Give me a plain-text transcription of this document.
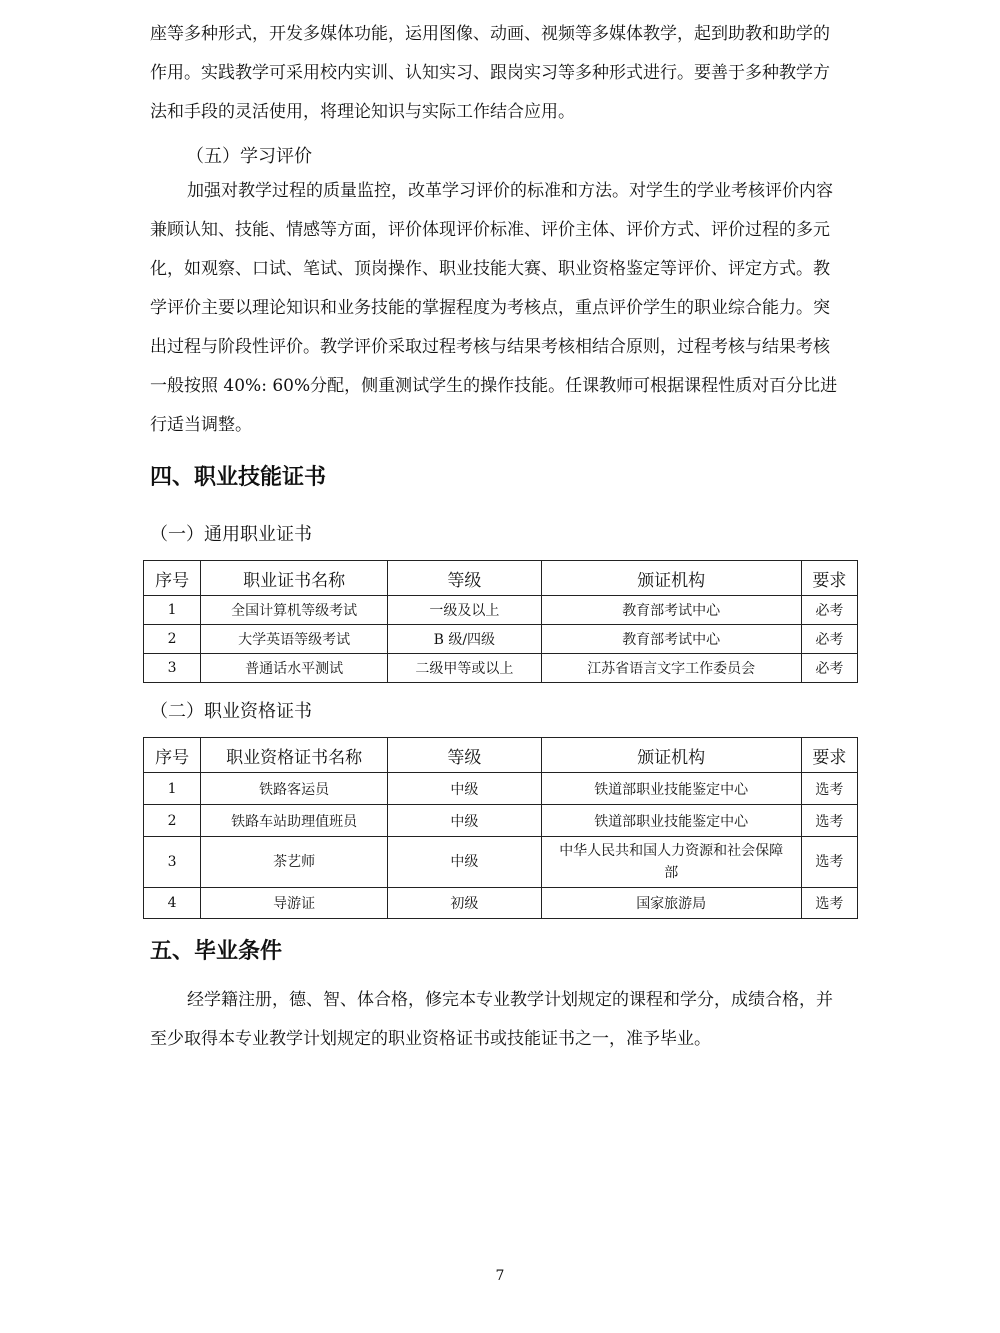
座等多种形式，开发多媒体功能，运用图像、动画、视频等多媒体教学，起到助教和助学的
作用。实践教学可采用校内实训、认知实习、跟岗实习等多种形式进行。要善于多种教学方
法和手段的灵活使用，将理论知识与实际工作结合应用。
（五）学习评价
加强对教学过程的质量监控，改革学习评价的标准和方法。对学生的学业考核评价内容
兼顾认知、技能、情感等方面，评价体现评价标准、评价主体、评价方式、评价过程的多元
化，如观察、口试、笔试、顶岗操作、职业技能大赛、职业资格鉴定等评价、评定方式。教
学评价主要以理论知识和业务技能的掌握程度为考核点，重点评价学生的职业综合能力。突
出过程与阶段性评价。教学评价采取过程考核与结果考核相结合原则，过程考核与结果考核
一般按照 40%: 60%分配，侧重测试学生的操作技能。任课教师可根据课程性质对百分比进
行适当调整。
四、职业技能证书
（一）通用职业证书
序号	职业证书名称	等级	颁证机构	要求
1	全国计算机等级考试	一级及以上	教育部考试中心	必考
2	大学英语等级考试	B 级/四级	教育部考试中心	必考
3	普通话水平测试	二级甲等或以上	江苏省语言文字工作委员会	必考
（二）职业资格证书
序号	职业资格证书名称	等级	颁证机构	要求
1	铁路客运员	中级	铁道部职业技能鉴定中心	选考
2	铁路车站助理值班员	中级	铁道部职业技能鉴定中心	选考
3	茶艺师	中级	中华人民共和国人力资源和社会保障部	选考
4	导游证	初级	国家旅游局	选考
五、毕业条件
经学籍注册，德、智、体合格，修完本专业教学计划规定的课程和学分，成绩合格，并
至少取得本专业教学计划规定的职业资格证书或技能证书之一，准予毕业。
7
